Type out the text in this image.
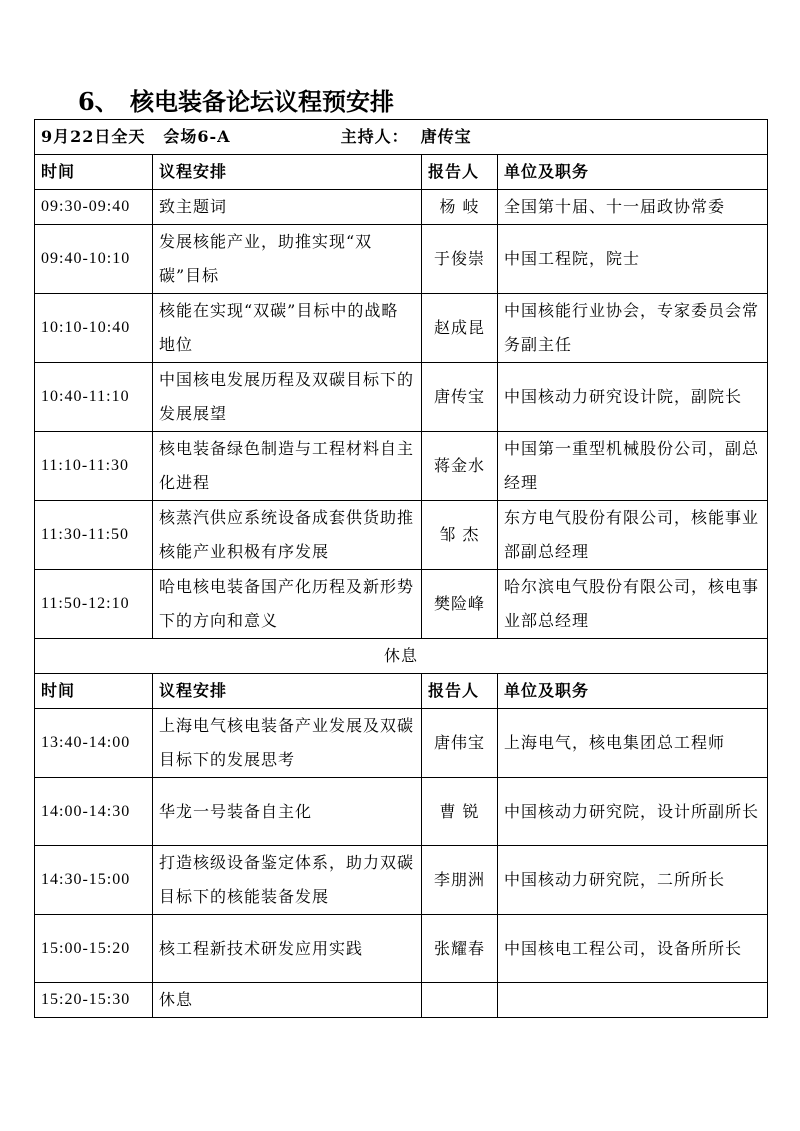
6、 核电装备论坛议程预安排
9月22日全天 会场6-A 主持人： 唐传宝			
时间	议程安排	报告人	单位及职务
09:30-09:40	致主题词	杨 岐	全国第十届、十一届政协常委
09:40-10:10	发展核能产业，助推实现“双碳”目标	于俊崇	中国工程院，院士
10:10-10:40	核能在实现“双碳”目标中的战略地位	赵成昆	中国核能行业协会，专家委员会常务副主任
10:40-11:10	中国核电发展历程及双碳目标下的发展展望	唐传宝	中国核动力研究设计院，副院长
11:10-11:30	核电装备绿色制造与工程材料自主化进程	蒋金水	中国第一重型机械股份公司，副总经理
11:30-11:50	核蒸汽供应系统设备成套供货助推核能产业积极有序发展	邹 杰	东方电气股份有限公司，核能事业部副总经理
11:50-12:10	哈电核电装备国产化历程及新形势下的方向和意义	樊险峰	哈尔滨电气股份有限公司，核电事业部总经理
休息			
时间	议程安排	报告人	单位及职务
13:40-14:00	上海电气核电装备产业发展及双碳目标下的发展思考	唐伟宝	上海电气，核电集团总工程师
14:00-14:30	华龙一号装备自主化	曹 锐	中国核动力研究院，设计所副所长
14:30-15:00	打造核级设备鉴定体系，助力双碳目标下的核能装备发展	李朋洲	中国核动力研究院，二所所长
15:00-15:20	核工程新技术研发应用实践	张耀春	中国核电工程公司，设备所所长
15:20-15:30	休息		
